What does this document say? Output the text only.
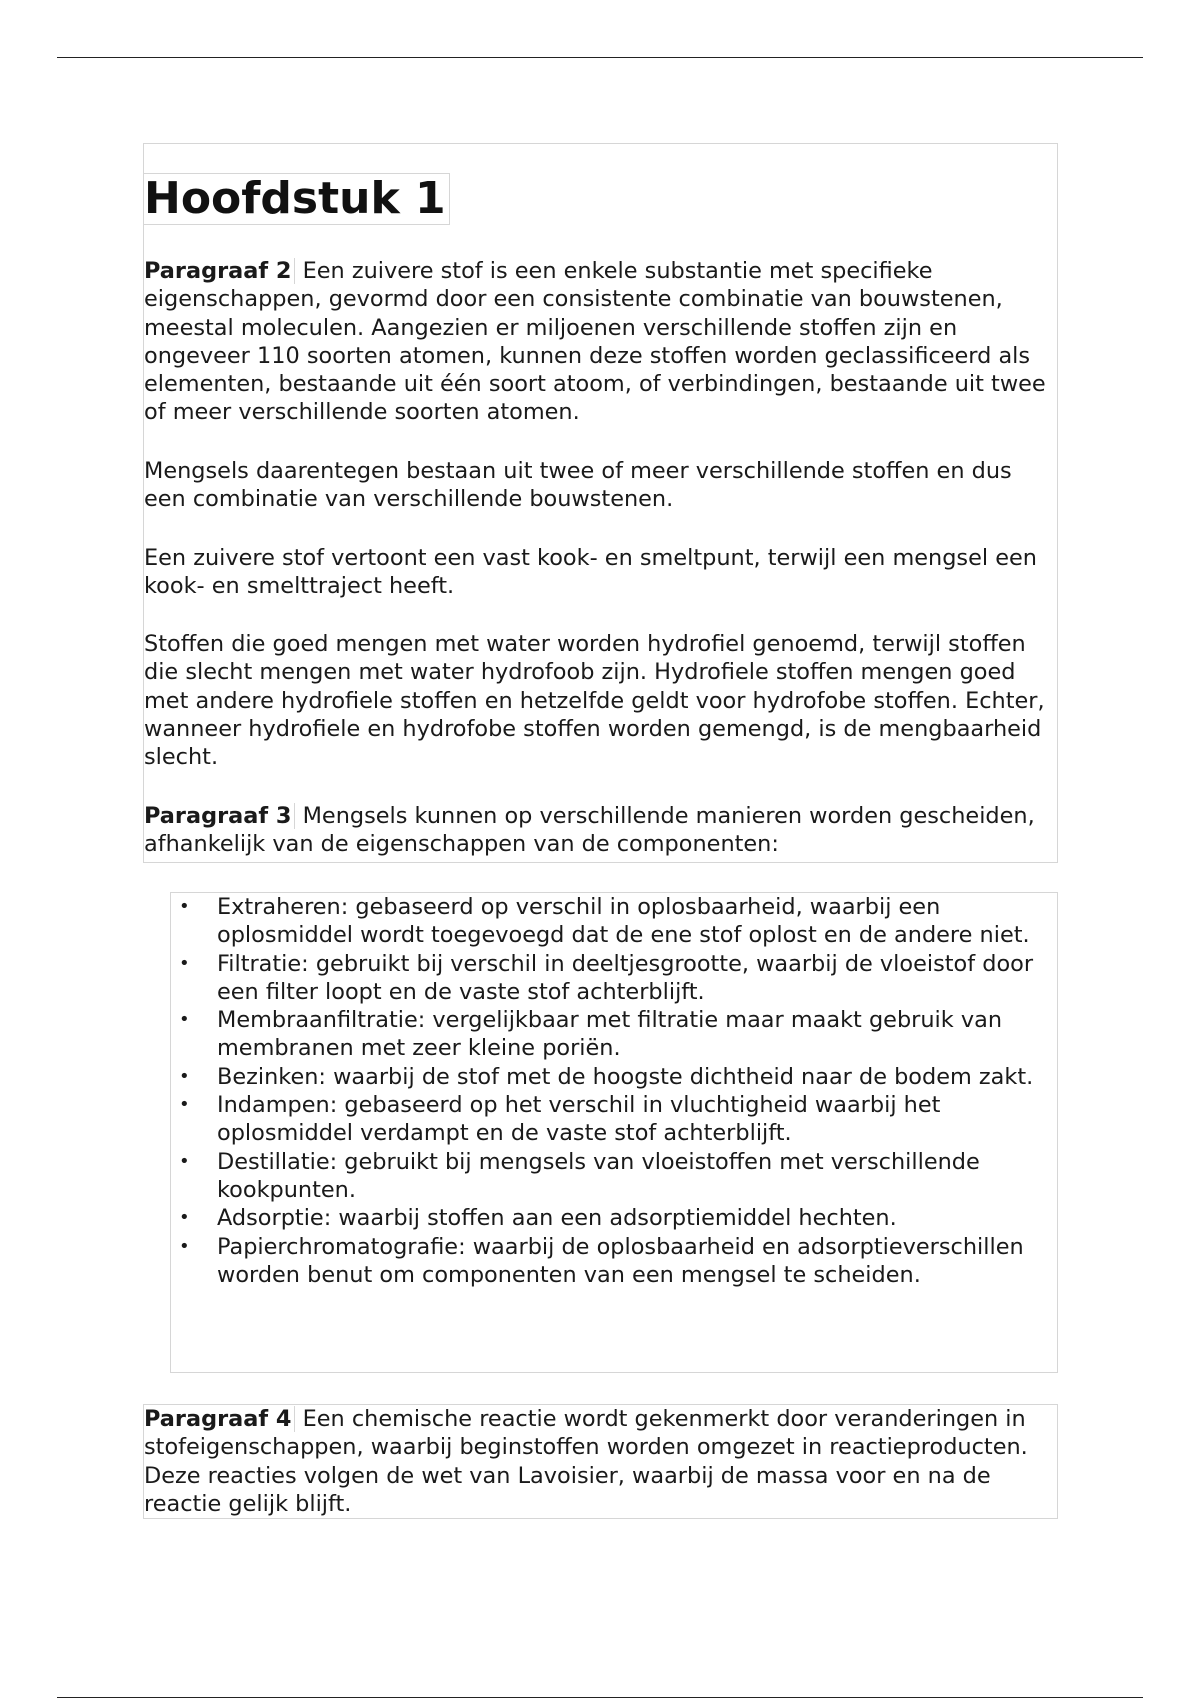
Hoofdstuk 1

Paragraaf 2 Een zuivere stof is een enkele substantie met specifieke eigenschappen, gevormd door een consistente combinatie van bouwstenen, meestal moleculen. Aangezien er miljoenen verschillende stoffen zijn en ongeveer 110 soorten atomen, kunnen deze stoffen worden geclassificeerd als elementen, bestaande uit één soort atoom, of verbindingen, bestaande uit twee of meer verschillende soorten atomen.

Mengsels daarentegen bestaan uit twee of meer verschillende stoffen en dus een combinatie van verschillende bouwstenen.

Een zuivere stof vertoont een vast kook- en smeltpunt, terwijl een mengsel een kook- en smelttraject heeft.

Stoffen die goed mengen met water worden hydrofiel genoemd, terwijl stoffen die slecht mengen met water hydrofoob zijn. Hydrofiele stoffen mengen goed met andere hydrofiele stoffen en hetzelfde geldt voor hydrofobe stoffen. Echter, wanneer hydrofiele en hydrofobe stoffen worden gemengd, is de mengbaarheid slecht.

Paragraaf 3 Mengsels kunnen op verschillende manieren worden gescheiden, afhankelijk van de eigenschappen van de componenten:

• Extraheren: gebaseerd op verschil in oplosbaarheid, waarbij een oplosmiddel wordt toegevoegd dat de ene stof oplost en de andere niet.
• Filtratie: gebruikt bij verschil in deeltjesgrootte, waarbij de vloeistof door een filter loopt en de vaste stof achterblijft.
• Membraanfiltratie: vergelijkbaar met filtratie maar maakt gebruik van membranen met zeer kleine poriën.
• Bezinken: waarbij de stof met de hoogste dichtheid naar de bodem zakt.
• Indampen: gebaseerd op het verschil in vluchtigheid waarbij het oplosmiddel verdampt en de vaste stof achterblijft.
• Destillatie: gebruikt bij mengsels van vloeistoffen met verschillende kookpunten.
• Adsorptie: waarbij stoffen aan een adsorptiemiddel hechten.
• Papierchromatografie: waarbij de oplosbaarheid en adsorptieverschillen worden benut om componenten van een mengsel te scheiden.

Paragraaf 4 Een chemische reactie wordt gekenmerkt door veranderingen in stofeigenschappen, waarbij beginstoffen worden omgezet in reactieproducten. Deze reacties volgen de wet van Lavoisier, waarbij de massa voor en na de reactie gelijk blijft.
